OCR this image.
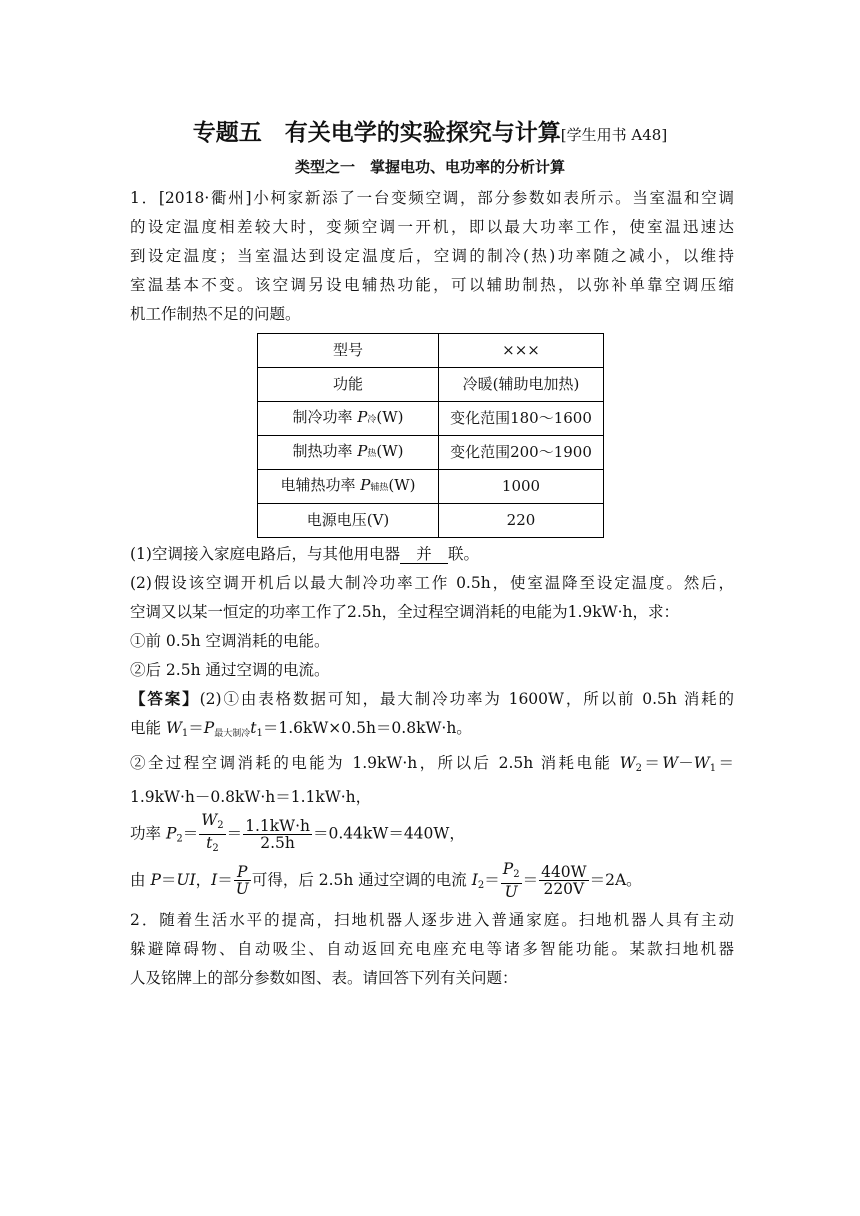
专题五　有关电学的实验探究与计算[学生用书 A48]
类型之一　掌握电功、电功率的分析计算

1．[2018·衢州]小柯家新添了一台变频空调，部分参数如表所示。当室温和空调

的设定温度相差较大时，变频空调一开机，即以最大功率工作，使室温迅速达

到设定温度；当室温达到设定温度后，空调的制冷(热)功率随之减小，以维持

室温基本不变。该空调另设电辅热功能，可以辅助制热，以弥补单靠空调压缩

机工作制热不足的问题。

型号	×××
功能	冷暖(辅助电加热)
制冷功率 P冷(W)	变化范围180～1600
制热功率 P热(W)	变化范围200～1900
电辅热功率 P辅热(W)	1000
电源电压(V)	220

(1)空调接入家庭电路后，与其他用电器 并 联。

(2)假设该空调开机后以最大制冷功率工作 0.5h，使室温降至设定温度。然后，

空调又以某一恒定的功率工作了2.5h，全过程空调消耗的电能为1.9kW·h，求：

①前 0.5h 空调消耗的电能。

②后 2.5h 通过空调的电流。

【答案】(2)①由表格数据可知，最大制冷功率为 1600W，所以前 0.5h 消耗的

电能 $W_1=P_{最大制冷}t_1=1.6kW\times 0.5h=0.8kW\cdot h$。

②全过程空调消耗的电能为 1.9kW·h，所以后 2.5h 消耗电能 $W_2=W-W_1=$

1.9kW·h－0.8kW·h＝1.1kW·h，

功率 $P_2= \frac{W_2}{t_2} = \frac{1.1kW\cdot h}{2.5h} =0.44kW=440W$，

由 P＝UI，$I= \frac{P}{U}$ 可得，后 2.5h 通过空调的电流 $I_2= \frac{P_2}{U} = \frac{440W}{220V} =2A$。

2．随着生活水平的提高，扫地机器人逐步进入普通家庭。扫地机器人具有主动

躲避障碍物、自动吸尘、自动返回充电座充电等诸多智能功能。某款扫地机器

人及铭牌上的部分参数如图、表。请回答下列有关问题：
